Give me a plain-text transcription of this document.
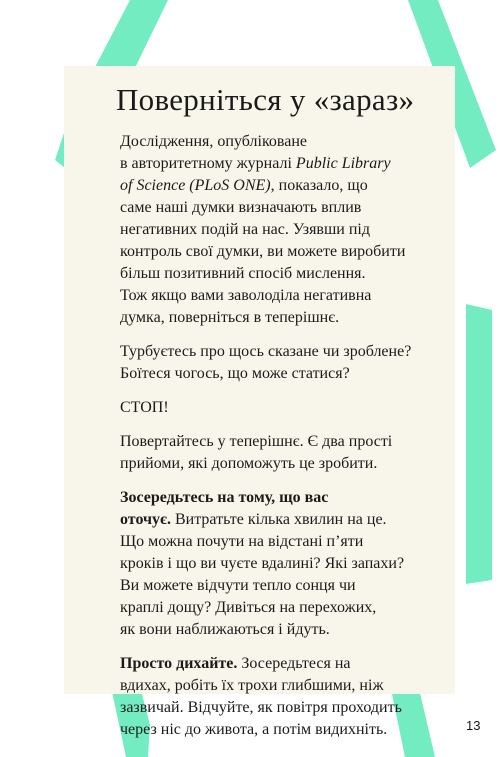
Поверніться у «зараз»

Дослідження, опубліковане
в авторитетному журналі Public Library
of Science (PLoS ONE), показало, що
саме наші думки визначають вплив
негативних подій на нас. Узявши під
контроль свої думки, ви можете виробити
більш позитивний спосіб мислення.
Тож якщо вами заволоділа негативна
думка, поверніться в теперішнє.

Турбуєтесь про щось сказане чи зроблене?
Боїтеся чогось, що може статися?

СТОП!

Повертайтесь у теперішнє. Є два прості
прийоми, які допоможуть це зробити.

Зосередьтесь на тому, що вас
оточує. Витратьте кілька хвилин на це.
Що можна почути на відстані п’яти
кроків і що ви чуєте вдалині? Які запахи?
Ви можете відчути тепло сонця чи
краплі дощу? Дивіться на перехожих,
як вони наближаються і йдуть.

Просто дихайте. Зосередьтеся на
вдихах, робіть їх трохи глибшими, ніж
зазвичай. Відчуйте, як повітря проходить
через ніс до живота, а потім видихніть.	13
